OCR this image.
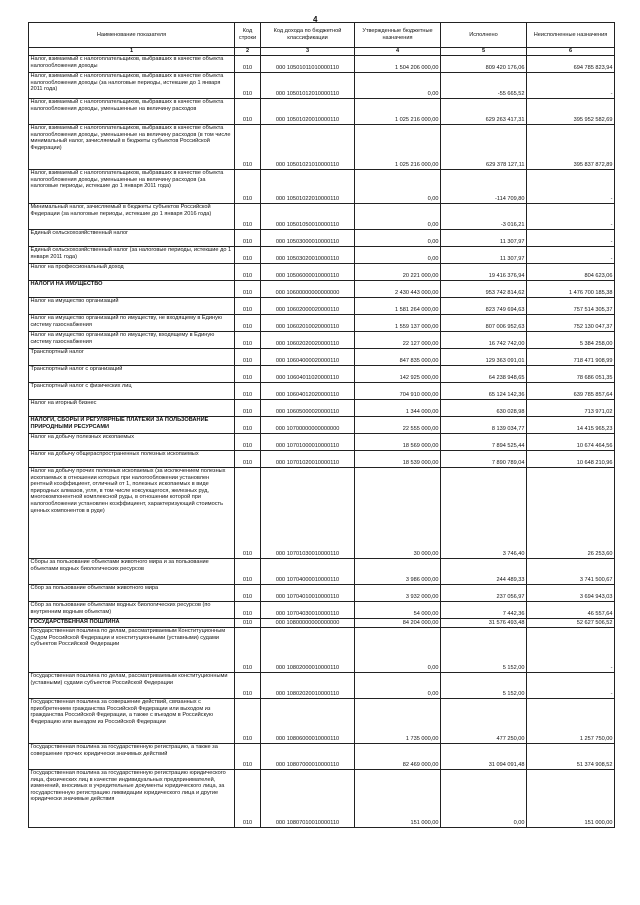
4
Наименование показателя	Код строки	Код дохода по бюджетной классификации	Утвержденные бюджетные назначения	Исполнено	Неисполненные назначения
1	2	3	4	5	6
Налог, взимаемый с налогоплательщиков, выбравших в качестве объекта налогообложения доходы	010	000 10501011010000110	1 504 206 000,00	809 420 176,06	694 785 823,94
Налог, взимаемый с налогоплательщиков, выбравших в качестве объекта налогообложения доходы (за налоговые периоды, истекшие до 1 января 2011 года)	010	000 10501012010000110	0,00	-55 665,52	-
Налог, взимаемый с налогоплательщиков, выбравших в качестве объекта налогообложения доходы, уменьшенные на величину расходов	010	000 10501020010000110	1 025 216 000,00	629 263 417,31	395 952 582,69
Налог, взимаемый с налогоплательщиков, выбравших в качестве объекта налогообложения доходы, уменьшенные на величину расходов (в том числе минимальный налог, зачисляемый в бюджеты субъектов Российской Федерации)	010	000 10501021010000110	1 025 216 000,00	629 378 127,11	395 837 872,89
Налог, взимаемый с налогоплательщиков, выбравших в качестве объекта налогообложения доходы, уменьшенные на величину расходов (за налоговые периоды, истекшие до 1 января 2011 года)	010	000 10501022010000110	0,00	-114 709,80	-
Минимальный налог, зачисляемый в бюджеты субъектов Российской Федерации (за налоговые периоды, истекшие до 1 января 2016 года)	010	000 10501050010000110	0,00	-3 016,21	-
Единый сельскохозяйственный налог	010	000 10503000010000110	0,00	11 307,97	-
Единый сельскохозяйственный налог (за налоговые периоды, истекшие до 1 января 2011 года)	010	000 10503020010000110	0,00	11 307,97	-
Налог на профессиональный доход	010	000 10506000010000110	20 221 000,00	19 416 376,94	804 623,06
НАЛОГИ НА ИМУЩЕСТВО	010	000 10600000000000000	2 430 443 000,00	953 742 814,62	1 476 700 185,38
Налог на имущество организаций	010	000 10602000020000110	1 581 264 000,00	823 749 694,63	757 514 305,37
Налог на имущество организаций по имуществу, не входящему в Единую систему газоснабжения	010	000 10602010020000110	1 559 137 000,00	807 006 952,63	752 130 047,37
Налог на имущество организаций по имуществу, входящему в Единую систему газоснабжения	010	000 10602020020000110	22 127 000,00	16 742 742,00	5 384 258,00
Транспортный налог	010	000 10604000020000110	847 835 000,00	129 363 091,01	718 471 908,99
Транспортный налог с организаций	010	000 10604011020000110	142 925 000,00	64 238 948,65	78 686 051,35
Транспортный налог с физических лиц	010	000 10604012020000110	704 910 000,00	65 124 142,36	639 785 857,64
Налог на игорный бизнес	010	000 10605000020000110	1 344 000,00	630 028,98	713 971,02
НАЛОГИ, СБОРЫ И РЕГУЛЯРНЫЕ ПЛАТЕЖИ ЗА ПОЛЬЗОВАНИЕ ПРИРОДНЫМИ РЕСУРСАМИ	010	000 10700000000000000	22 555 000,00	8 139 034,77	14 415 965,23
Налог на добычу полезных ископаемых	010	000 10701000010000110	18 569 000,00	7 894 525,44	10 674 464,56
Налог на добычу общераспространенных полезных ископаемых	010	000 10701020010000110	18 539 000,00	7 890 789,04	10 648 210,96
Налог на добычу прочих полезных ископаемых (за исключением полезных ископаемых в отношении которых при налогообложении установлен рентный коэффициент, отличный от 1, полезных ископаемых в виде природных алмазов, угля, в том числе коксующегося, железных руд, многокомпонентной комплексной руды, в отношении которой при налогообложении установлен коэффициент, характеризующий стоимость ценных компонентов в руде)	010	000 10701030010000110	30 000,00	3 746,40	26 253,60
Сборы за пользование объектами животного мира и за пользование объектами водных биологических ресурсов	010	000 10704000010000110	3 986 000,00	244 489,33	3 741 500,67
Сбор за пользование объектами животного мира	010	000 10704010010000110	3 932 000,00	237 056,97	3 694 943,03
Сбор за пользование объектами водных биологических ресурсов (по внутренним водным объектам)	010	000 10704030010000110	54 000,00	7 442,36	46 557,64
ГОСУДАРСТВЕННАЯ ПОШЛИНА	010	000 10800000000000000	84 204 000,00	31 576 493,48	52 627 506,52
Государственная пошлина по делам, рассматриваемым Конституционным Судом Российской Федерации и конституционными (уставными) судами субъектов Российской Федерации	010	000 10802000010000110	0,00	5 152,00	-
Государственная пошлина по делам, рассматриваемым конституционными (уставными) судами субъектов Российской Федерации	010	000 10802020010000110	0,00	5 152,00	-
Государственная пошлина за совершение действий, связанных с приобретением гражданства Российской Федерации или выходом из гражданства Российской Федерации, а также с въездом в Российскую Федерацию или выездом из Российской Федерации	010	000 10806000010000110	1 735 000,00	477 250,00	1 257 750,00
Государственная пошлина за государственную регистрацию, а также за совершение прочих юридически значимых действий	010	000 10807000010000110	82 469 000,00	31 094 091,48	51 374 908,52
Государственная пошлина за государственную регистрацию юридического лица, физических лиц в качестве индивидуальных предпринимателей, изменений, вносимых в учредительные документы юридического лица, за государственную регистрацию ликвидации юридического лица и другие юридически значимые действия	010	000 10807010010000110	151 000,00	0,00	151 000,00
